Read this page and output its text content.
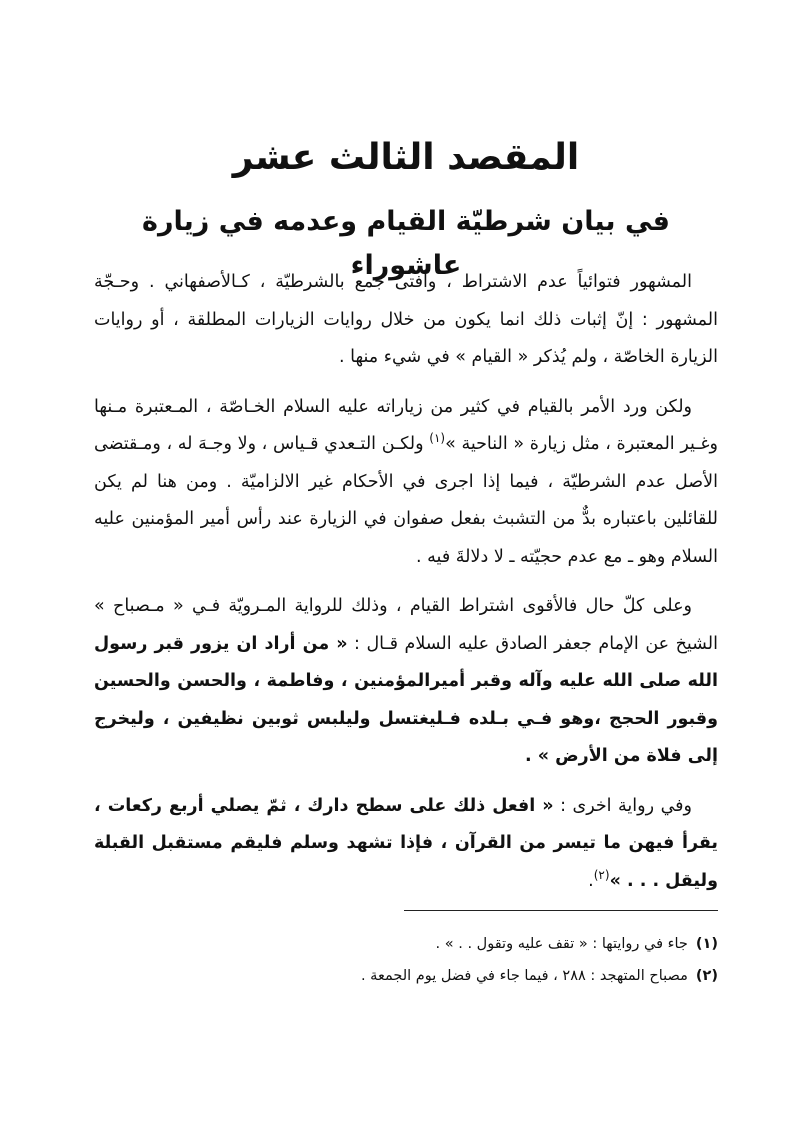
المقصد الثالث عشر
في بيان شرطيّة القيام وعدمه في زيارة عاشوراء

المشهور فتوائياً عدم الاشتراط ، وأفتى جمع بالشرطيّة ، كـالأصفهاني . وحـجّة المشهور : إنّ إثبات ذلك انما يكون من خلال روايات الزيارات المطلقة ، أو روايات الزيارة الخاصّة ، ولم يُذكر « القيام » في شيء منها .

ولكن ورد الأمر بالقيام في كثير من زياراته عليه السلام الخـاصّة ، المـعتبرة مـنها وغـير المعتبرة ، مثل زيارة « الناحية »$^{(١)}$ ولكـن التـعدي قـياس ، ولا وجـهَ له ، ومـقتضى الأصل عدم الشرطيّة ، فيما إذا اجرى في الأحكام غير الالزاميّة . ومن هنا لم يكن للقائلين باعتباره بدٌّ من التشبث بفعل صفوان في الزيارة عند رأس أمير المؤمنين عليه السلام وهو ـ مع عدم حجيّته ـ لا دلالةَ فيه .

وعلى كلّ حال فالأقوى اشتراط القيام ، وذلك للرواية المـرويّة فـي « مـصباح » الشيخ عن الإمام جعفر الصادق عليه السلام قـال : « من أراد ان يزور قبر رسول الله صلى الله عليه وآله وقبر أميرالمؤمنين ، وفاطمة ، والحسن والحسين وقبور الحجج ،وهو فـي بـلده فـليغتسل وليلبس ثوبين نظيفين ، وليخرج إلى فلاة من الأرض » .

وفي رواية اخرى : « افعل ذلك على سطح دارك ، ثمّ يصلي أربع ركعات ، يقرأ فيهن ما تيسر من القرآن ، فإذا تشهد وسلم فليقم مستقبل القبلة وليقل . . . »$^{(٢)}$.

(١)جاء في روايتها : « تقف عليه وتقول . . » .

(٢)مصباح المتهجد : ٢٨٨ ، فيما جاء في فضل يوم الجمعة .
